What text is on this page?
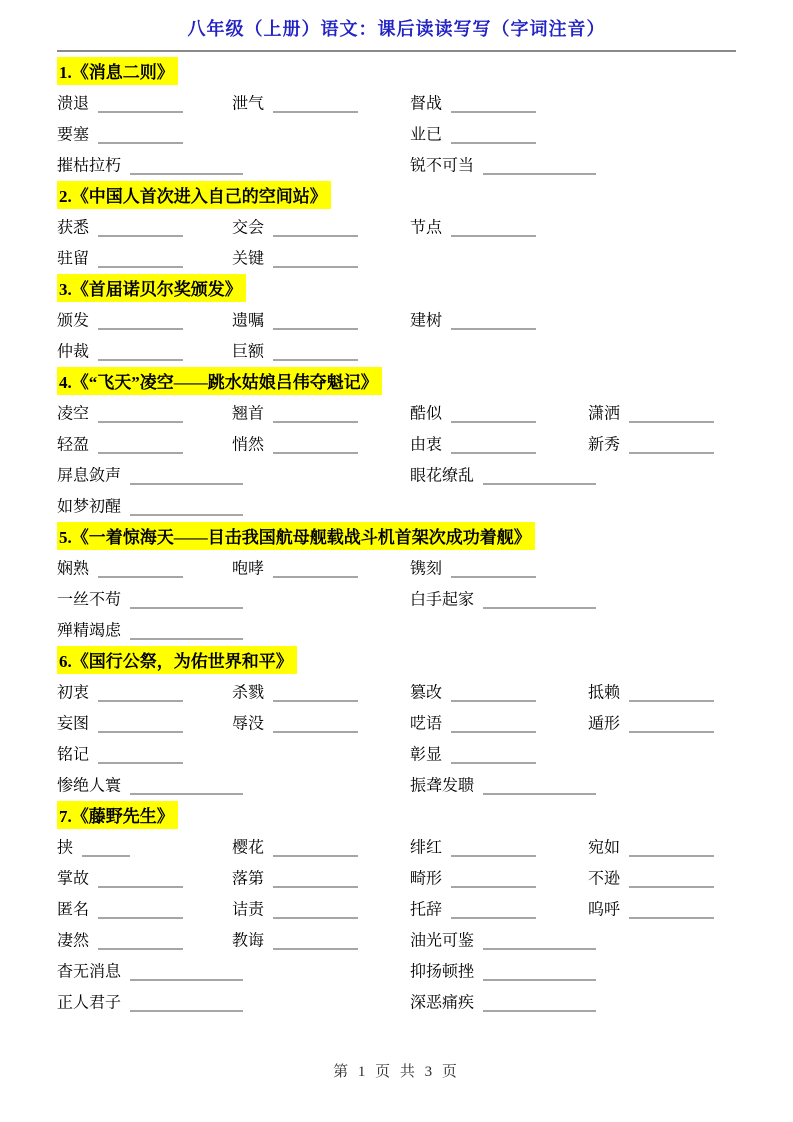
八年级（上册）语文：课后读读写写（字词注音）
1.《消息二则》
溃退	泄气	督战
要塞	业已
摧枯拉朽	锐不可当
2.《中国人首次进入自己的空间站》
获悉	交会	节点
驻留	关键
3.《首届诺贝尔奖颁发》
颁发	遗嘱	建树
仲裁	巨额
4.《“飞天”凌空——跳水姑娘吕伟夺魁记》
凌空	翘首	酷似	潇洒
轻盈	悄然	由衷	新秀
屏息敛声	眼花缭乱
如梦初醒
5.《一着惊海天——目击我国航母舰载战斗机首架次成功着舰》
娴熟	咆哮	镌刻
一丝不苟	白手起家
殚精竭虑
6.《国行公祭，为佑世界和平》
初衷	杀戮	篡改	抵赖
妄图	辱没	呓语	遁形
铭记	彰显
惨绝人寰	振聋发聩
7.《藤野先生》
挟	樱花	绯红	宛如
掌故	落第	畸形	不逊
匿名	诘责	托辞	呜呼
凄然	教诲	油光可鉴
杳无消息	抑扬顿挫
正人君子	深恶痛疾
第 1 页 共 3 页
